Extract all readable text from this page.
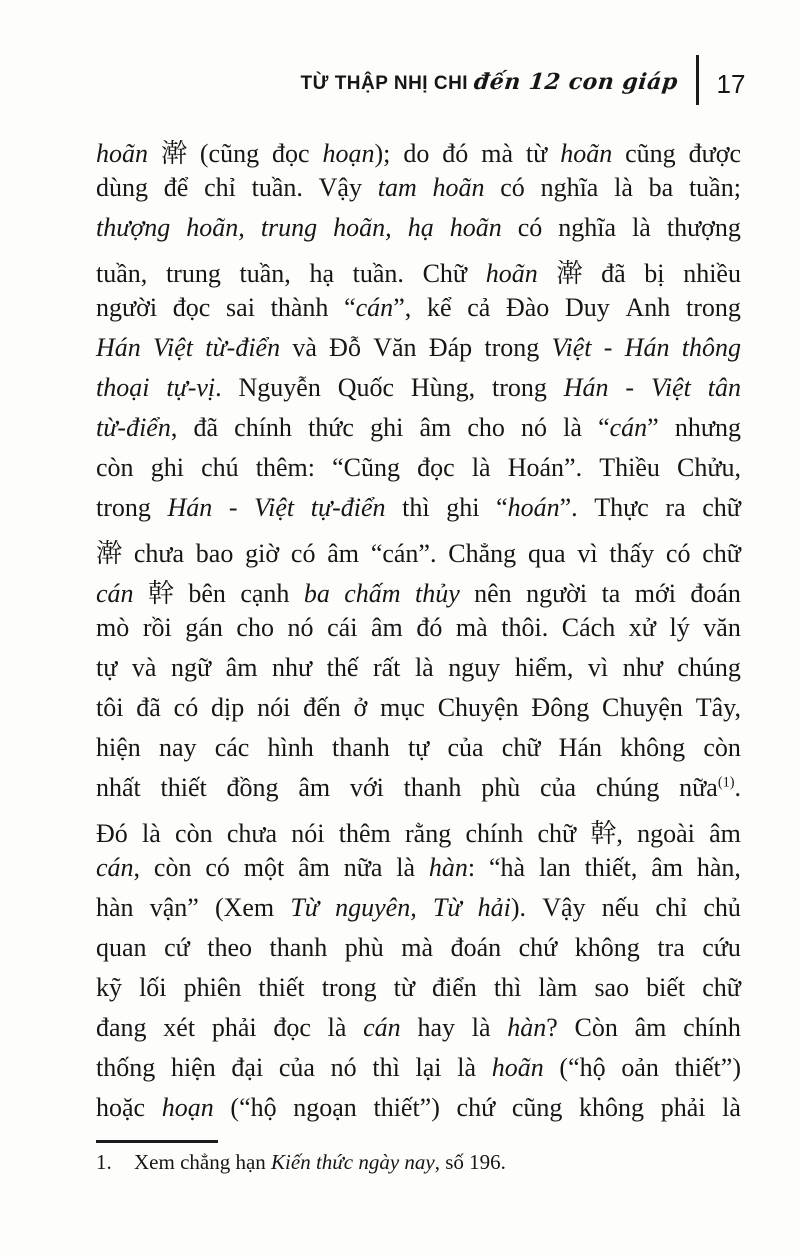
TỪ THẬP NHỊ CHI đến 12 con giáp 17
hoãn 澣 (cũng đọc hoạn); do đó mà từ hoãn cũng được
dùng để chỉ tuần. Vậy tam hoãn có nghĩa là ba tuần;
thượng hoãn, trung hoãn, hạ hoãn có nghĩa là thượng
tuần, trung tuần, hạ tuần. Chữ hoãn 澣 đã bị nhiều
người đọc sai thành “cán”, kể cả Đào Duy Anh trong
Hán Việt từ-điển và Đỗ Văn Đáp trong Việt - Hán thông
thoại tự-vị. Nguyễn Quốc Hùng, trong Hán - Việt tân
từ-điển, đã chính thức ghi âm cho nó là “cán” nhưng
còn ghi chú thêm: “Cũng đọc là Hoán”. Thiều Chửu,
trong Hán - Việt tự-điển thì ghi “hoán”. Thực ra chữ
澣 chưa bao giờ có âm “cán”. Chẳng qua vì thấy có chữ
cán 幹 bên cạnh ba chấm thủy nên người ta mới đoán
mò rồi gán cho nó cái âm đó mà thôi. Cách xử lý văn
tự và ngữ âm như thế rất là nguy hiểm, vì như chúng
tôi đã có dịp nói đến ở mục Chuyện Đông Chuyện Tây,
hiện nay các hình thanh tự của chữ Hán không còn
nhất thiết đồng âm với thanh phù của chúng nữa$^{(1)}$.
Đó là còn chưa nói thêm rằng chính chữ 幹, ngoài âm
cán, còn có một âm nữa là hàn: “hà lan thiết, âm hàn,
hàn vận” (Xem Từ nguyên, Từ hải). Vậy nếu chỉ chủ
quan cứ theo thanh phù mà đoán chứ không tra cứu
kỹ lối phiên thiết trong từ điển thì làm sao biết chữ
đang xét phải đọc là cán hay là hàn? Còn âm chính
thống hiện đại của nó thì lại là hoãn (“hộ oản thiết”)
hoặc hoạn (“hộ ngoạn thiết”) chứ cũng không phải là
1. Xem chẳng hạn Kiến thức ngày nay, số 196.
